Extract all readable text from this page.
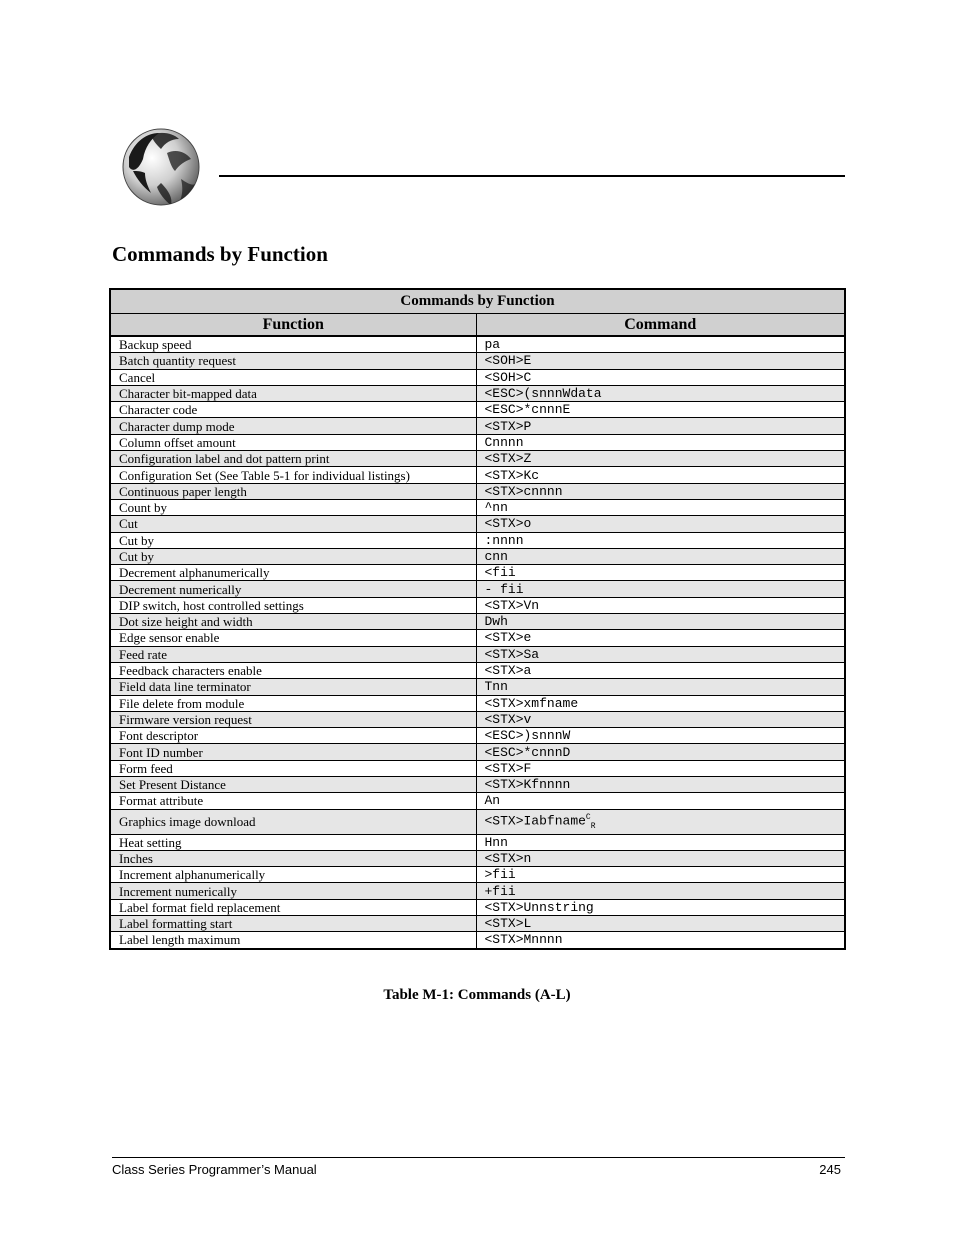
Commands by Function
Commands by Function	
Function	Command
Backup speed	pa
Batch quantity request	<SOH>E
Cancel	<SOH>C
Character bit-mapped data	<ESC>(snnnWdata
Character code	<ESC>*cnnnE
Character dump mode	<STX>P
Column offset amount	Cnnnn
Configuration label and dot pattern print	<STX>Z
Configuration Set (See Table 5-1 for individual listings)	<STX>Kc
Continuous paper length	<STX>cnnnn
Count by	^nn
Cut	<STX>o
Cut by	:nnnn
Cut by	cnn
Decrement alphanumerically	<fii
Decrement numerically	- fii
DIP switch, host controlled settings	<STX>Vn
Dot size height and width	Dwh
Edge sensor enable	<STX>e
Feed rate	<STX>Sa
Feedback characters enable	<STX>a
Field data line terminator	Tnn
File delete from module	<STX>xmfname
Firmware version request	<STX>v
Font descriptor	<ESC>)snnnW
Font ID number	<ESC>*cnnnD
Form feed	<STX>F
Set Present Distance	<STX>Kfnnnn
Format attribute	An
Graphics image download	<STX>Iabfname$^C_R$
Heat setting	Hnn
Inches	<STX>n
Increment alphanumerically	>fii
Increment numerically	+fii
Label format field replacement	<STX>Unnstring
Label formatting start	<STX>L
Label length maximum	<STX>Mnnnn
Table M-1: Commands (A-L)
Class Series Programmer’s Manual	245
